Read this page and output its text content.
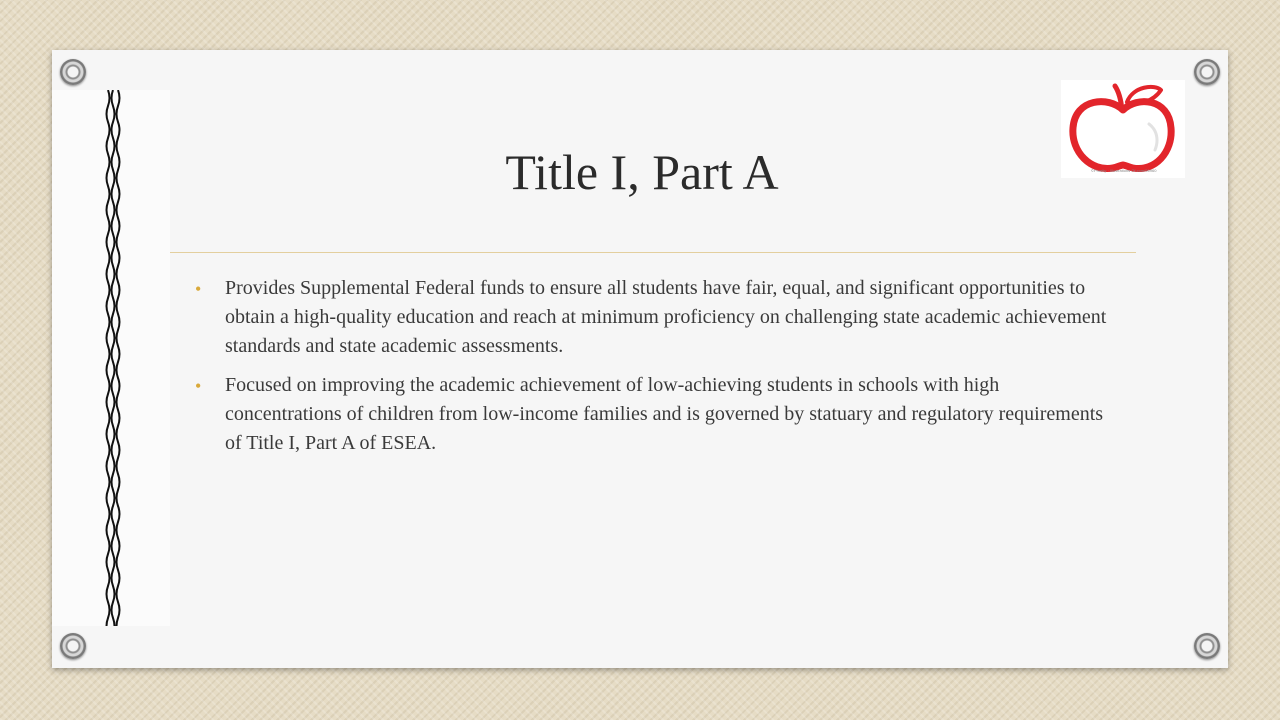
©Proeity · Illustrations Of.com/96960
Title I, Part A
• Provides Supplemental Federal funds to ensure all students have fair, equal, and significant opportunities to obtain a high-quality education and reach at minimum proficiency on challenging state academic achievement standards and state academic assessments.
• Focused on improving the academic achievement of low-achieving students in schools with high concentrations of children from low-income families and is governed by statuary and regulatory requirements of Title I, Part A of ESEA.
